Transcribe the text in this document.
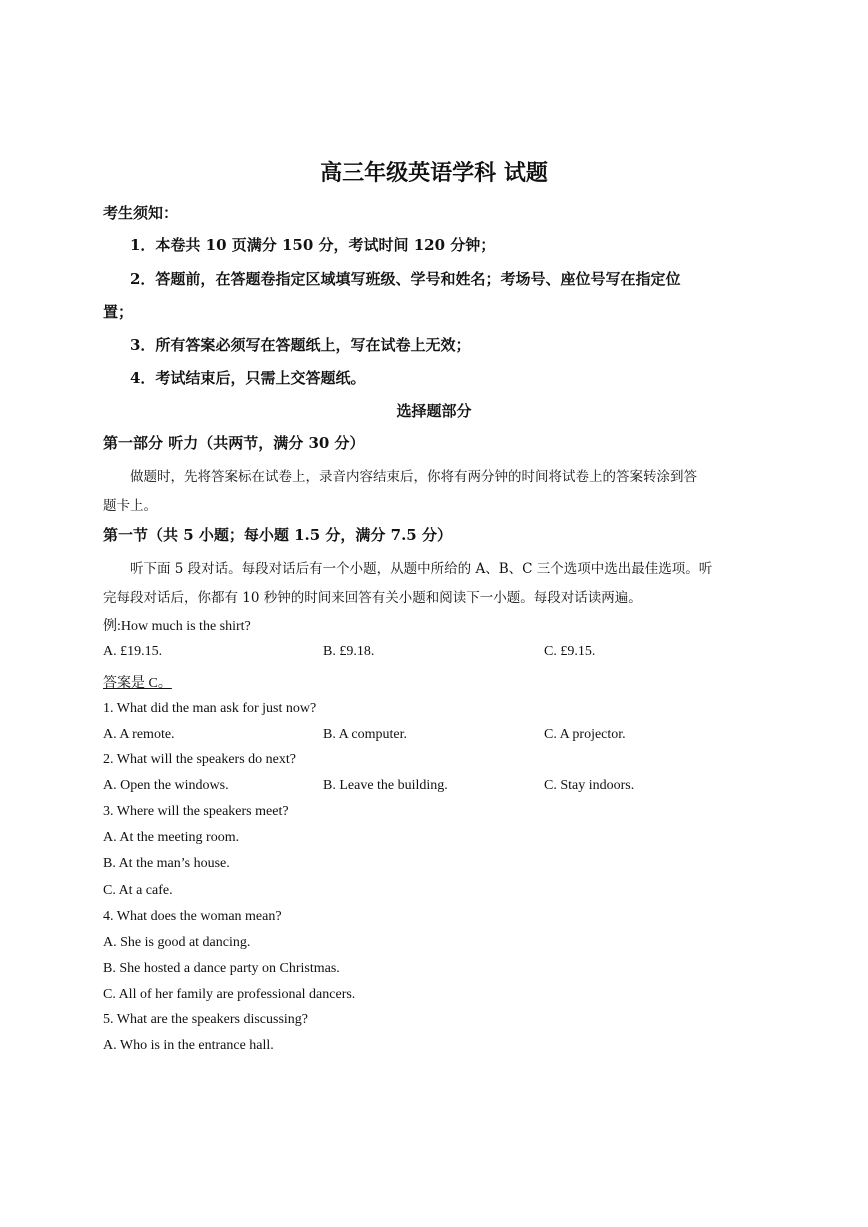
高三年级英语学科 试题
考生须知：
1．本卷共 10 页满分 150 分，考试时间 120 分钟；
2．答题前，在答题卷指定区域填写班级、学号和姓名；考场号、座位号写在指定位
置；
3．所有答案必须写在答题纸上，写在试卷上无效；
4．考试结束后，只需上交答题纸。
选择题部分
第一部分 听力（共两节，满分 30 分）
做题时，先将答案标在试卷上，录音内容结束后，你将有两分钟的时间将试卷上的答案转涂到答
题卡上。
第一节（共 5 小题；每小题 1.5 分，满分 7.5 分）
听下面 5 段对话。每段对话后有一个小题，从题中所给的 A、B、C 三个选项中选出最佳选项。听
完每段对话后，你都有 10 秒钟的时间来回答有关小题和阅读下一小题。每段对话读两遍。
例:How much is the shirt?
A. £19.15.	B. £9.18.	C. £9.15.
答案是 C。
1. What did the man ask for just now?
A. A remote.	B. A computer.	C. A projector.
2. What will the speakers do next?
A. Open the windows.	B. Leave the building.	C. Stay indoors.
3. Where will the speakers meet?
A. At the meeting room.
B. At the man’s house.
C. At a cafe.
4. What does the woman mean?
A. She is good at dancing.
B. She hosted a dance party on Christmas.
C. All of her family are professional dancers.
5. What are the speakers discussing?
A. Who is in the entrance hall.
